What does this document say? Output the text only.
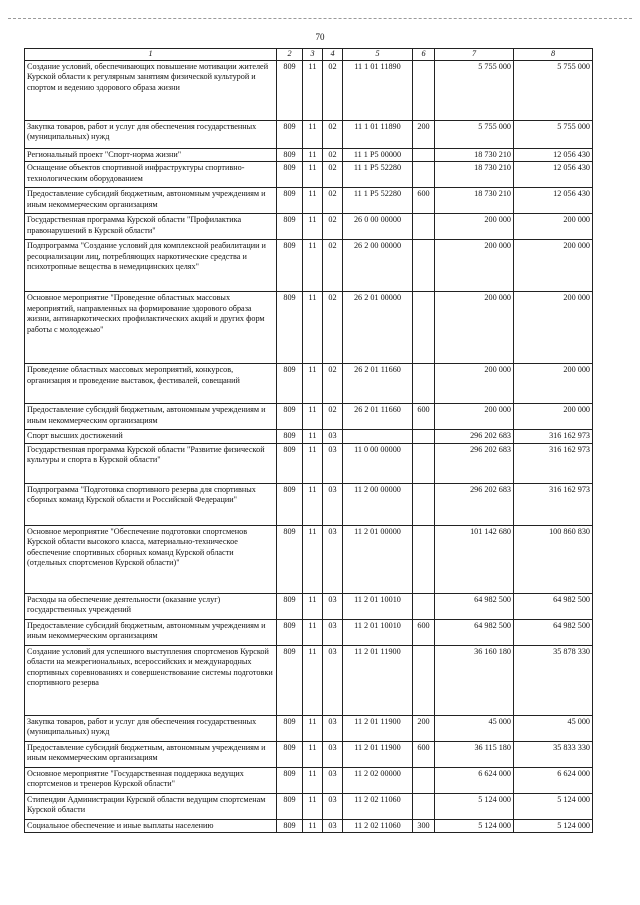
70
1	2	3	4	5	6	7	8
Создание условий, обеспечивающих повышение мотивации жителей Курской области к регулярным занятиям физической культурой и спортом и ведению здорового образа жизни	809	11	02	11 1 01 11890		5 755 000	5 755 000
Закупка товаров, работ и услуг для обеспечения государственных (муниципальных) нужд	809	11	02	11 1 01 11890	200	5 755 000	5 755 000
Региональный проект "Спорт-норма жизни"	809	11	02	11 1 P5 00000		18 730 210	12 056 430
Оснащение объектов спортивной инфраструктуры спортивно-технологическим оборудованием	809	11	02	11 1 P5 52280		18 730 210	12 056 430
Предоставление субсидий бюджетным, автономным учреждениям и иным некоммерческим организациям	809	11	02	11 1 P5 52280	600	18 730 210	12 056 430
Государственная программа Курской области "Профилактика правонарушений в Курской области"	809	11	02	26 0 00 00000		200 000	200 000
Подпрограмма "Создание условий для комплексной реабилитации и ресоциализации лиц, потребляющих наркотические средства и психотропные вещества в немедицинских целях"	809	11	02	26 2 00 00000		200 000	200 000
Основное мероприятие "Проведение областных массовых мероприятий, направленных на формирование здорового образа жизни, антинаркотических профилактических акций и других форм работы с молодежью"	809	11	02	26 2 01 00000		200 000	200 000
Проведение областных массовых мероприятий, конкурсов, организация и проведение выставок, фестивалей, совещаний	809	11	02	26 2 01 11660		200 000	200 000
Предоставление субсидий бюджетным, автономным учреждениям и иным некоммерческим организациям	809	11	02	26 2 01 11660	600	200 000	200 000
Спорт высших достижений	809	11	03			296 202 683	316 162 973
Государственная программа Курской области "Развитие физической культуры и спорта в Курской области"	809	11	03	11 0 00 00000		296 202 683	316 162 973
Подпрограмма "Подготовка спортивного резерва для спортивных сборных команд Курской области и Российской Федерации"	809	11	03	11 2 00 00000		296 202 683	316 162 973
Основное мероприятие "Обеспечение подготовки спортсменов Курской области высокого класса, материально-техническое обеспечение спортивных сборных команд Курской области (отдельных спортсменов Курской области)"	809	11	03	11 2 01 00000		101 142 680	100 860 830
Расходы на обеспечение деятельности (оказание услуг) государственных учреждений	809	11	03	11 2 01 10010		64 982 500	64 982 500
Предоставление субсидий бюджетным, автономным учреждениям и иным некоммерческим организациям	809	11	03	11 2 01 10010	600	64 982 500	64 982 500
Создание условий для успешного выступления спортсменов Курской области на межрегиональных, всероссийских и международных спортивных соревнованиях и совершенствование системы подготовки спортивного резерва	809	11	03	11 2 01 11900		36 160 180	35 878 330
Закупка товаров, работ и услуг для обеспечения государственных (муниципальных) нужд	809	11	03	11 2 01 11900	200	45 000	45 000
Предоставление субсидий бюджетным, автономным учреждениям и иным некоммерческим организациям	809	11	03	11 2 01 11900	600	36 115 180	35 833 330
Основное мероприятие "Государственная поддержка ведущих спортсменов и тренеров Курской области"	809	11	03	11 2 02 00000		6 624 000	6 624 000
Стипендии Администрации Курской области ведущим спортсменам Курской области	809	11	03	11 2 02 11060		5 124 000	5 124 000
Социальное обеспечение и иные выплаты населению	809	11	03	11 2 02 11060	300	5 124 000	5 124 000
